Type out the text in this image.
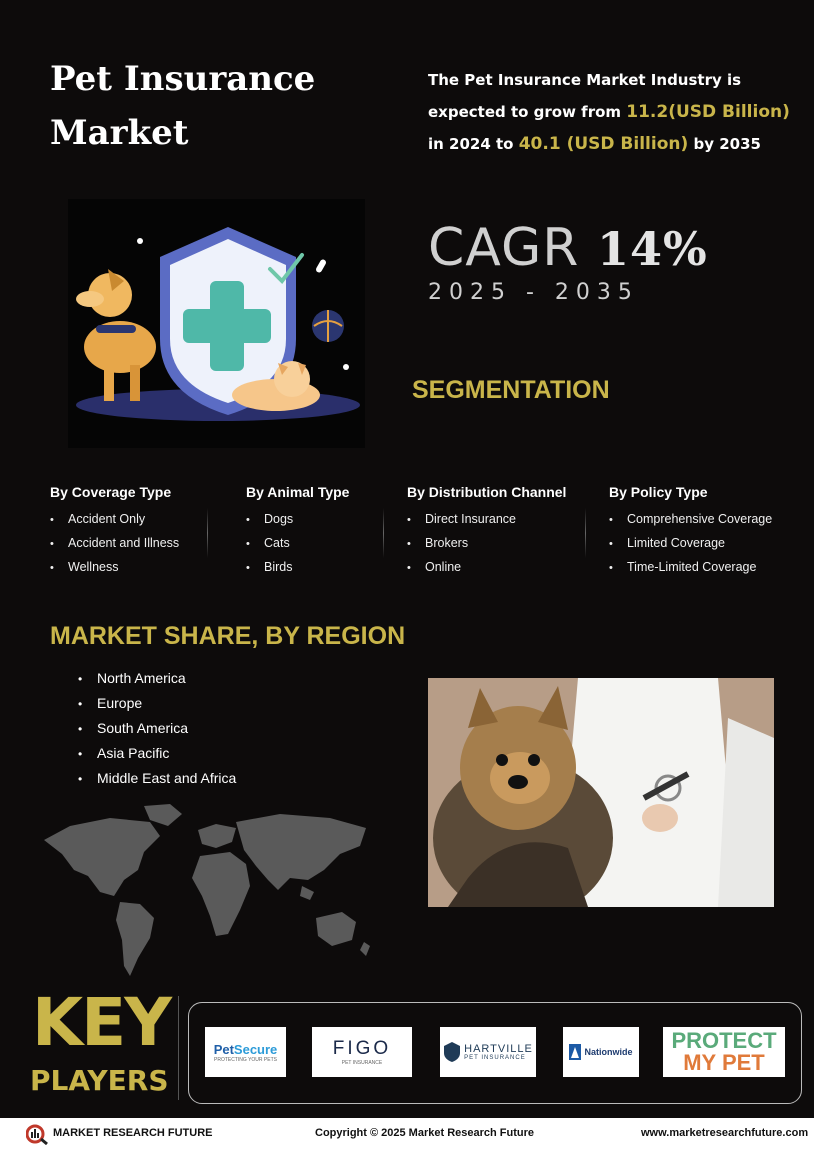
Pet Insurance Market
The Pet Insurance Market Industry is expected to grow from 11.2(USD Billion) in 2024 to 40.1 (USD Billion) by 2035
CAGR 14%
2025 - 2035
SEGMENTATION
By Coverage Type
• Accident Only
• Accident and Illness
• Wellness
By Animal Type
• Dogs
• Cats
• Birds
By Distribution Channel
• Direct Insurance
• Brokers
• Online
By Policy Type
• Comprehensive Coverage
• Limited Coverage
• Time-Limited Coverage
MARKET SHARE, BY REGION
• North America
• Europe
• South America
• Asia Pacific
• Middle East and Africa
KEY
PLAYERS
PetSecure
PROTECTING YOUR PETS
FIGO
PET INSURANCE
HARTVILLE
PET INSURANCE
Nationwide PROTECT
MY PET
MARKET RESEARCH FUTURE	Copyright © 2025 Market Research Future	www.marketresearchfuture.com
